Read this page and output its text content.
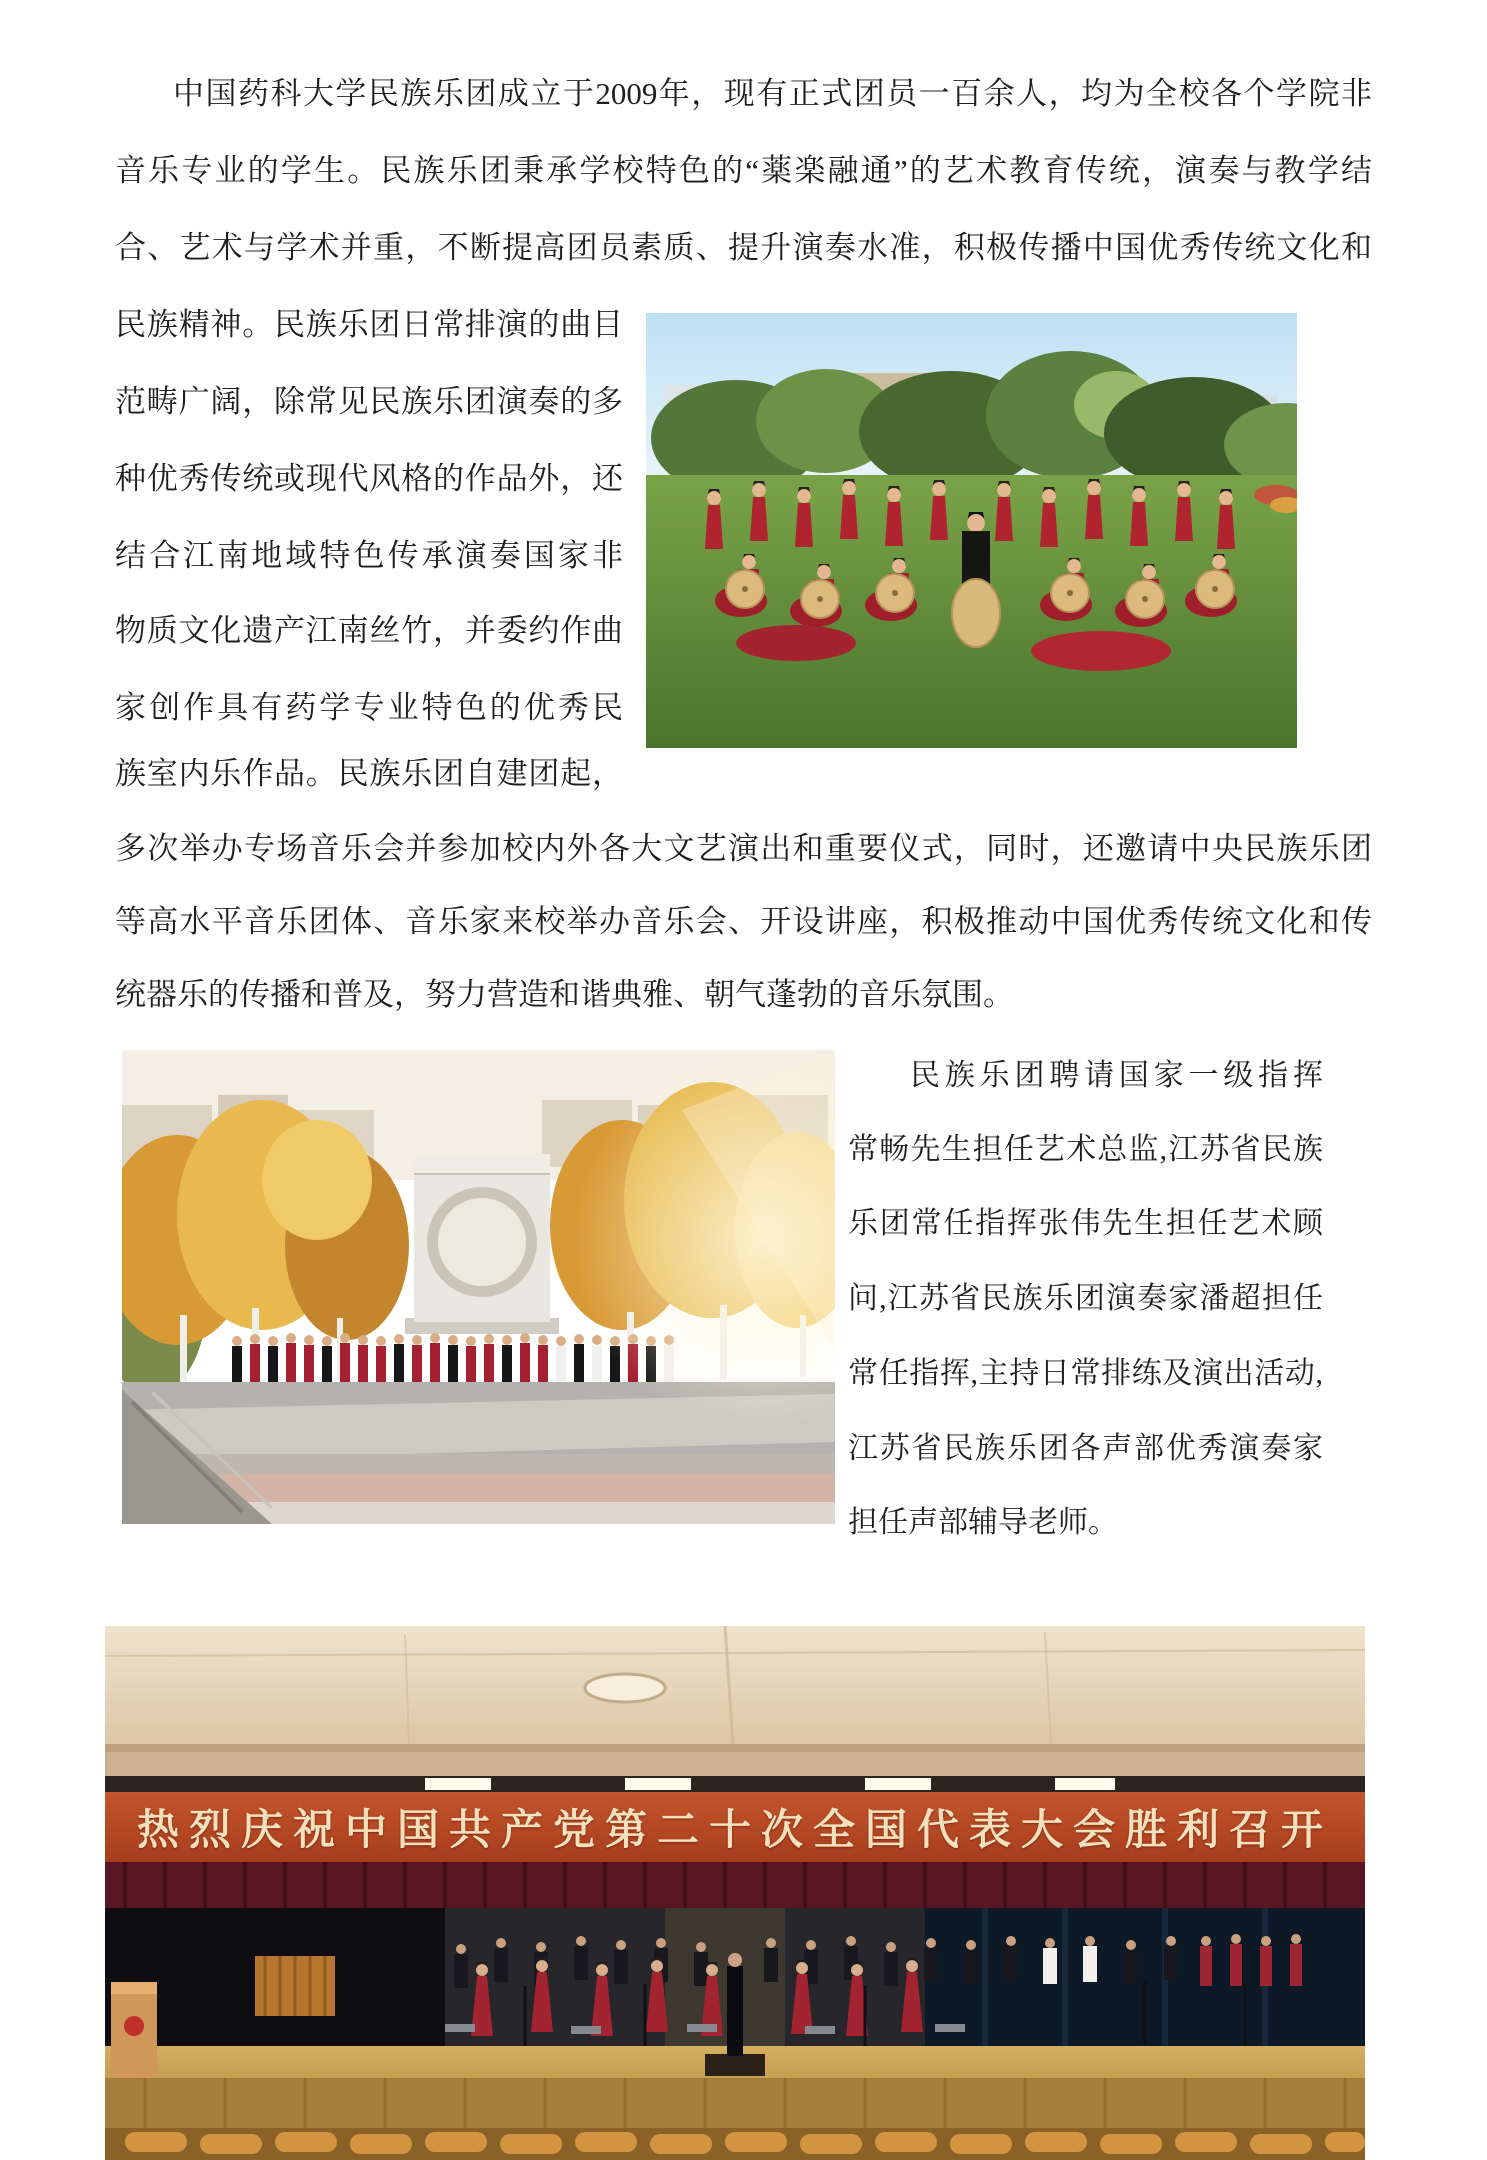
中国药科大学民族乐团成立于2009年，现有正式团员一百余人，均为全校各个学院非
音乐专业的学生。民族乐团秉承学校特色的“薬楽融通”的艺术教育传统，演奏与教学结
合、艺术与学术并重，不断提高团员素质、提升演奏水准，积极传播中国优秀传统文化和
民族精神。民族乐团日常排演的曲目
范畴广阔，除常见民族乐团演奏的多
种优秀传统或现代风格的作品外，还
结合江南地域特色传承演奏国家非
物质文化遗产江南丝竹，并委约作曲
家创作具有药学专业特色的优秀民
族室内乐作品。民族乐团自建团起，
多次举办专场音乐会并参加校内外各大文艺演出和重要仪式，同时，还邀请中央民族乐团
等高水平音乐团体、音乐家来校举办音乐会、开设讲座，积极推动中国优秀传统文化和传
统器乐的传播和普及，努力营造和谐典雅、朝气蓬勃的音乐氛围。
民族乐团聘请国家一级指挥
常畅先生担任艺术总监,江苏省民族
乐团常任指挥张伟先生担任艺术顾
问,江苏省民族乐团演奏家潘超担任
常任指挥,主持日常排练及演出活动,
江苏省民族乐团各声部优秀演奏家
担任声部辅导老师。
热烈庆祝中国共产党第二十次全国代表大会胜利召开
